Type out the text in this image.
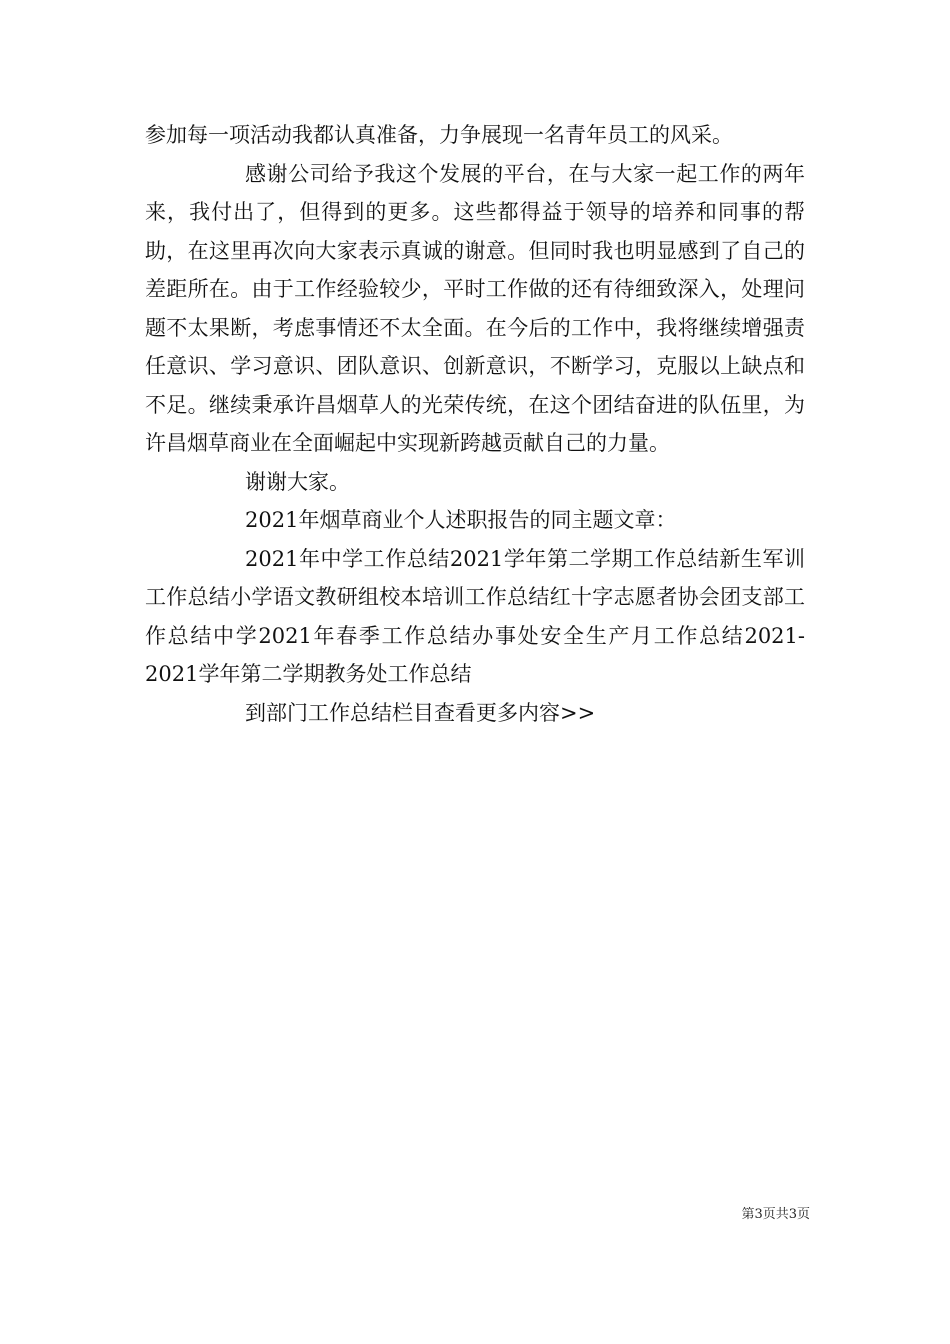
参加每一项活动我都认真准备，力争展现一名青年员工的风采。

感谢公司给予我这个发展的平台，在与大家一起工作的两年来，我付出了，但得到的更多。这些都得益于领导的培养和同事的帮助，在这里再次向大家表示真诚的谢意。但同时我也明显感到了自己的差距所在。由于工作经验较少，平时工作做的还有待细致深入，处理问题不太果断，考虑事情还不太全面。在今后的工作中，我将继续增强责任意识、学习意识、团队意识、创新意识，不断学习，克服以上缺点和不足。继续秉承许昌烟草人的光荣传统，在这个团结奋进的队伍里，为许昌烟草商业在全面崛起中实现新跨越贡献自己的力量。

谢谢大家。

2021年烟草商业个人述职报告的同主题文章：

2021年中学工作总结2021学年第二学期工作总结新生军训工作总结小学语文教研组校本培训工作总结红十字志愿者协会团支部工作总结中学2021年春季工作总结办事处安全生产月工作总结2021-2021学年第二学期教务处工作总结

到部门工作总结栏目查看更多内容>>

第3页共3页
